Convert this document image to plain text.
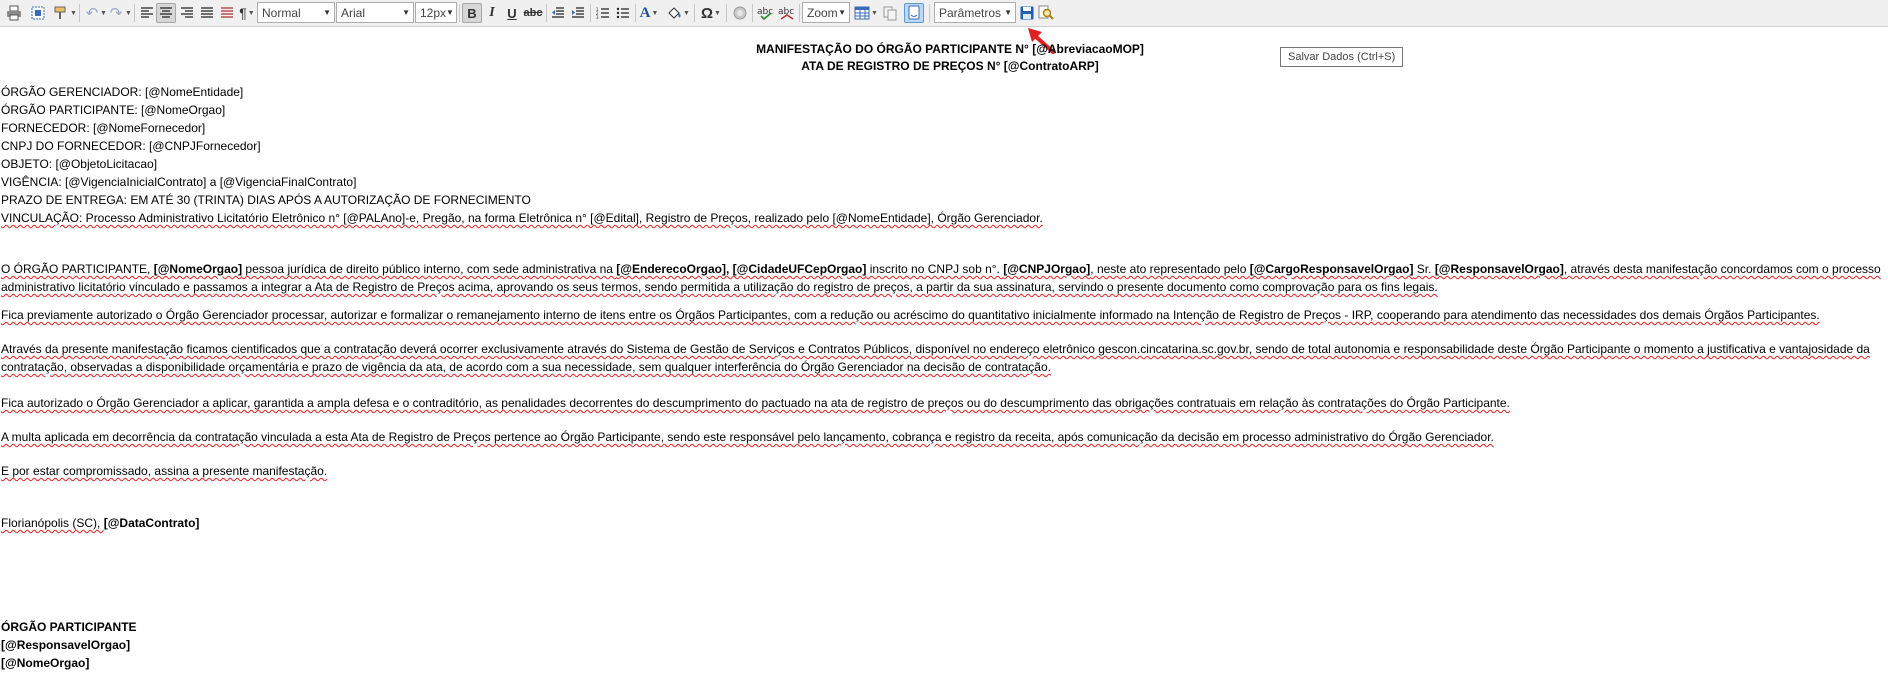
▼ ↶ ▼ ↷ ▼	¶ ▼ Normal	▼ Arial	▼ 12px ▼ B I U abc	1
2
3	A ▼	▼ Ω ▼	abc abc Zoom ▼	▼	Parâmetros ▼
Salvar Dados (Ctrl+S)
MANIFESTAÇÃO DO ÓRGÃO PARTICIPANTE N° [@AbreviacaoMOP]
ATA DE REGISTRO DE PREÇOS N° [@ContratoARP]
ÓRGÃO GERENCIADOR: [@NomeEntidade]
ÓRGÃO PARTICIPANTE: [@NomeOrgao]
FORNECEDOR: [@NomeFornecedor]
CNPJ DO FORNECEDOR: [@CNPJFornecedor]
OBJETO: [@ObjetoLicitacao]
VIGÊNCIA: [@VigenciaInicialContrato] a [@VigenciaFinalContrato]
PRAZO DE ENTREGA: EM ATÉ 30 (TRINTA) DIAS APÓS A AUTORIZAÇÃO DE FORNECIMENTO
VINCULAÇÃO: Processo Administrativo Licitatório Eletrônico n° [@PALAno]-e, Pregão, na forma Eletrônica n° [@Edital], Registro de Preços, realizado pelo [@NomeEntidade], Órgão Gerenciador.
O ÓRGÃO PARTICIPANTE, [@NomeOrgao] pessoa jurídica de direito público interno, com sede administrativa na [@EnderecoOrgao], [@CidadeUFCepOrgao] inscrito no CNPJ sob n°. [@CNPJOrgao], neste ato representado pelo [@CargoResponsavelOrgao] Sr. [@ResponsavelOrgao], através desta manifestação concordamos com o processo administrativo licitatório vinculado e passamos a integrar a Ata de Registro de Preços acima, aprovando os seus termos, sendo permitida a utilização do registro de preços, a partir da sua assinatura, servindo o presente documento como comprovação para os fins legais.
Fica previamente autorizado o Órgão Gerenciador processar, autorizar e formalizar o remanejamento interno de itens entre os Órgãos Participantes, com a redução ou acréscimo do quantitativo inicialmente informado na Intenção de Registro de Preços - IRP, cooperando para atendimento das necessidades dos demais Órgãos Participantes.
Através da presente manifestação ficamos cientificados que a contratação deverá ocorrer exclusivamente através do Sistema de Gestão de Serviços e Contratos Públicos, disponível no endereço eletrônico gescon.cincatarina.sc.gov.br, sendo de total autonomia e responsabilidade deste Órgão Participante o momento a justificativa e vantajosidade da contratação, observadas a disponibilidade orçamentária e prazo de vigência da ata, de acordo com a sua necessidade, sem qualquer interferência do Órgão Gerenciador na decisão de contratação.
Fica autorizado o Órgão Gerenciador a aplicar, garantida a ampla defesa e o contraditório, as penalidades decorrentes do descumprimento do pactuado na ata de registro de preços ou do descumprimento das obrigações contratuais em relação às contratações do Órgão Participante.
A multa aplicada em decorrência da contratação vinculada a esta Ata de Registro de Preços pertence ao Órgão Participante, sendo este responsável pelo lançamento, cobrança e registro da receita, após comunicação da decisão em processo administrativo do Órgão Gerenciador.
E por estar compromissado, assina a presente manifestação.
Florianópolis (SC), [@DataContrato]
ÓRGÃO PARTICIPANTE
[@ResponsavelOrgao]
[@NomeOrgao]
